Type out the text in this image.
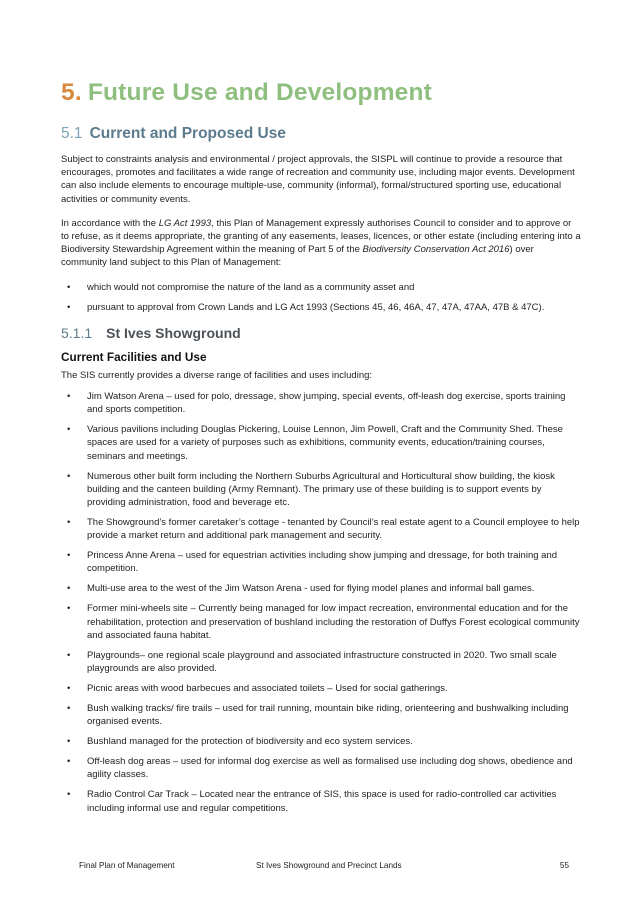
5. Future Use and Development
5.1 Current and Proposed Use

Subject to constraints analysis and environmental / project approvals, the SISPL will continue to provide a resource that encourages, promotes and facilitates a wide range of recreation and community use, including major events. Development can also include elements to encourage multiple-use, community (informal), formal/structured sporting use, educational activities or community events.

In accordance with the LG Act 1993, this Plan of Management expressly authorises Council to consider and to approve or to refuse, as it deems appropriate, the granting of any easements, leases, licences, or other estate (including entering into a Biodiversity Stewardship Agreement within the meaning of Part 5 of the Biodiversity Conservation Act 2016) over community land subject to this Plan of Management:

• which would not compromise the nature of the land as a community asset and
• pursuant to approval from Crown Lands and LG Act 1993 (Sections 45, 46, 46A, 47, 47A, 47AA, 47B & 47C).
5.1.1 St Ives Showground
Current Facilities and Use

The SIS currently provides a diverse range of facilities and uses including:

• Jim Watson Arena – used for polo, dressage, show jumping, special events, off-leash dog exercise, sports training and sports competition.
• Various pavilions including Douglas Pickering, Louise Lennon, Jim Powell, Craft and the Community Shed. These spaces are used for a variety of purposes such as exhibitions, community events, education/training courses, seminars and meetings.
• Numerous other built form including the Northern Suburbs Agricultural and Horticultural show building, the kiosk building and the canteen building (Army Remnant). The primary use of these building is to support events by providing administration, food and beverage etc.
• The Showground’s former caretaker’s cottage - tenanted by Council’s real estate agent to a Council employee to help provide a market return and additional park management and security.
• Princess Anne Arena – used for equestrian activities including show jumping and dressage, for both training and competition.
• Multi-use area to the west of the Jim Watson Arena - used for flying model planes and informal ball games.
• Former mini-wheels site – Currently being managed for low impact recreation, environmental education and for the rehabilitation, protection and preservation of bushland including the restoration of Duffys Forest ecological community and associated fauna habitat.
• Playgrounds– one regional scale playground and associated infrastructure constructed in 2020. Two small scale playgrounds are also provided.
• Picnic areas with wood barbecues and associated toilets – Used for social gatherings.
• Bush walking tracks/ fire trails – used for trail running, mountain bike riding, orienteering and bushwalking including organised events.
• Bushland managed for the protection of biodiversity and eco system services.
• Off-leash dog areas – used for informal dog exercise as well as formalised use including dog shows, obedience and agility classes.
• Radio Control Car Track – Located near the entrance of SIS, this space is used for radio-controlled car activities including informal use and regular competitions.
Final Plan of Management	St Ives Showground and Precinct Lands	55
